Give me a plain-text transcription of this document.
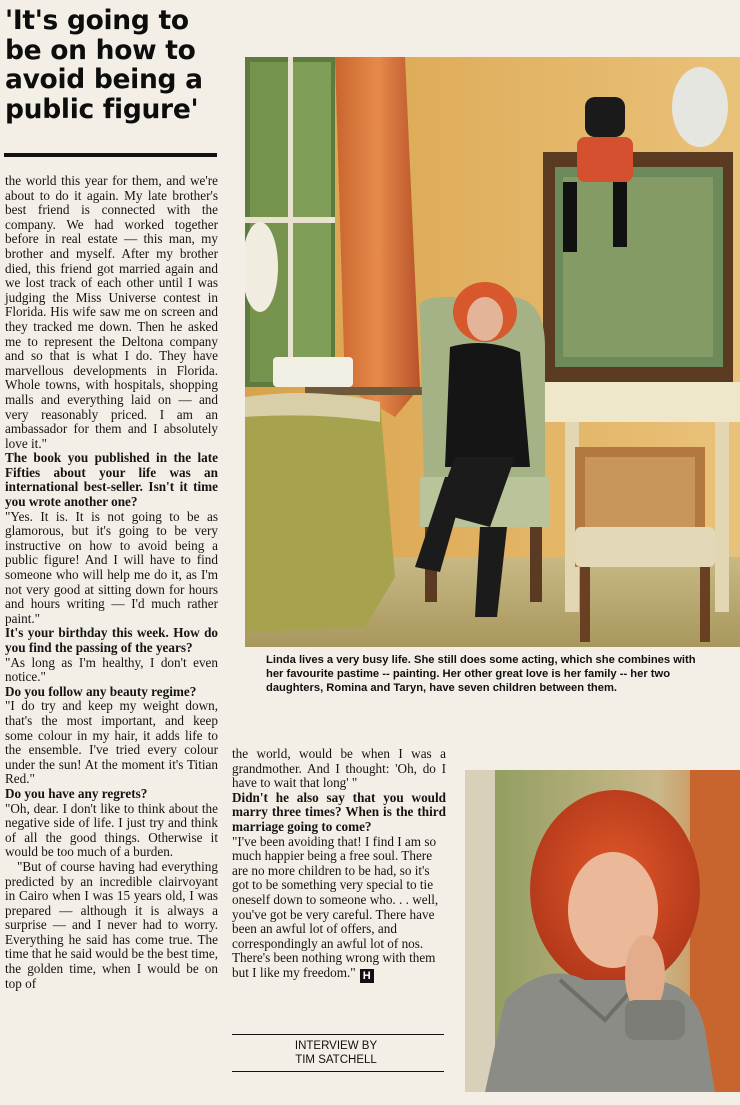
'It's going to be on how to avoid being a public figure'

the world this year for them, and we're about to do it again. My late brother's best friend is connected with the company. We had worked together before in real estate — this man, my brother and myself. After my brother died, this friend got married again and we lost track of each other until I was judging the Miss Universe contest in Florida. His wife saw me on screen and they tracked me down. Then he asked me to represent the Deltona company and so that is what I do. They have marvellous developments in Florida. Whole towns, with hospitals, shopping malls and everything laid on — and very reasonably priced. I am an ambassador for them and I absolutely love it."

The book you published in the late Fifties about your life was an international best-seller. Isn't it time you wrote another one?

"Yes. It is. It is not going to be as glamorous, but it's going to be very instructive on how to avoid being a public figure! And I will have to find someone who will help me do it, as I'm not very good at sitting down for hours and hours writing — I'd much rather paint."

It's your birthday this week. How do you find the passing of the years?

"As long as I'm healthy, I don't even notice."

Do you follow any beauty regime?

"I do try and keep my weight down, that's the most important, and keep some colour in my hair, it adds life to the ensemble. I've tried every colour under the sun! At the moment it's Titian Red."

Do you have any regrets?

"Oh, dear. I don't like to think about the negative side of life. I just try and think of all the good things. Otherwise it would be too much of a burden.

"But of course having had everything predicted by an incredible clairvoyant in Cairo when I was 15 years old, I was prepared — although it is always a surprise — and I never had to worry. Everything he said has come true. The time that he said would be the best time, the golden time, when I would be on top of

Linda lives a very busy life. She still does some acting, which she combines with her favourite pastime -- painting. Her other great love is her family -- her two daughters, Romina and Taryn, have seven children between them.

the world, would be when I was a grandmother. And I thought: 'Oh, do I have to wait that long' "

Didn't he also say that you would marry three times? When is the third marriage going to come?

"I've been avoiding that! I find I am so much happier being a free soul. There are no more children to be had, so it's got to be something very special to tie oneself down to someone who. . . well, you've got be very careful. There have been an awful lot of offers, and correspondingly an awful lot of nos. There's been nothing wrong with them but I like my freedom." H

INTERVIEW BY
TIM SATCHELL
